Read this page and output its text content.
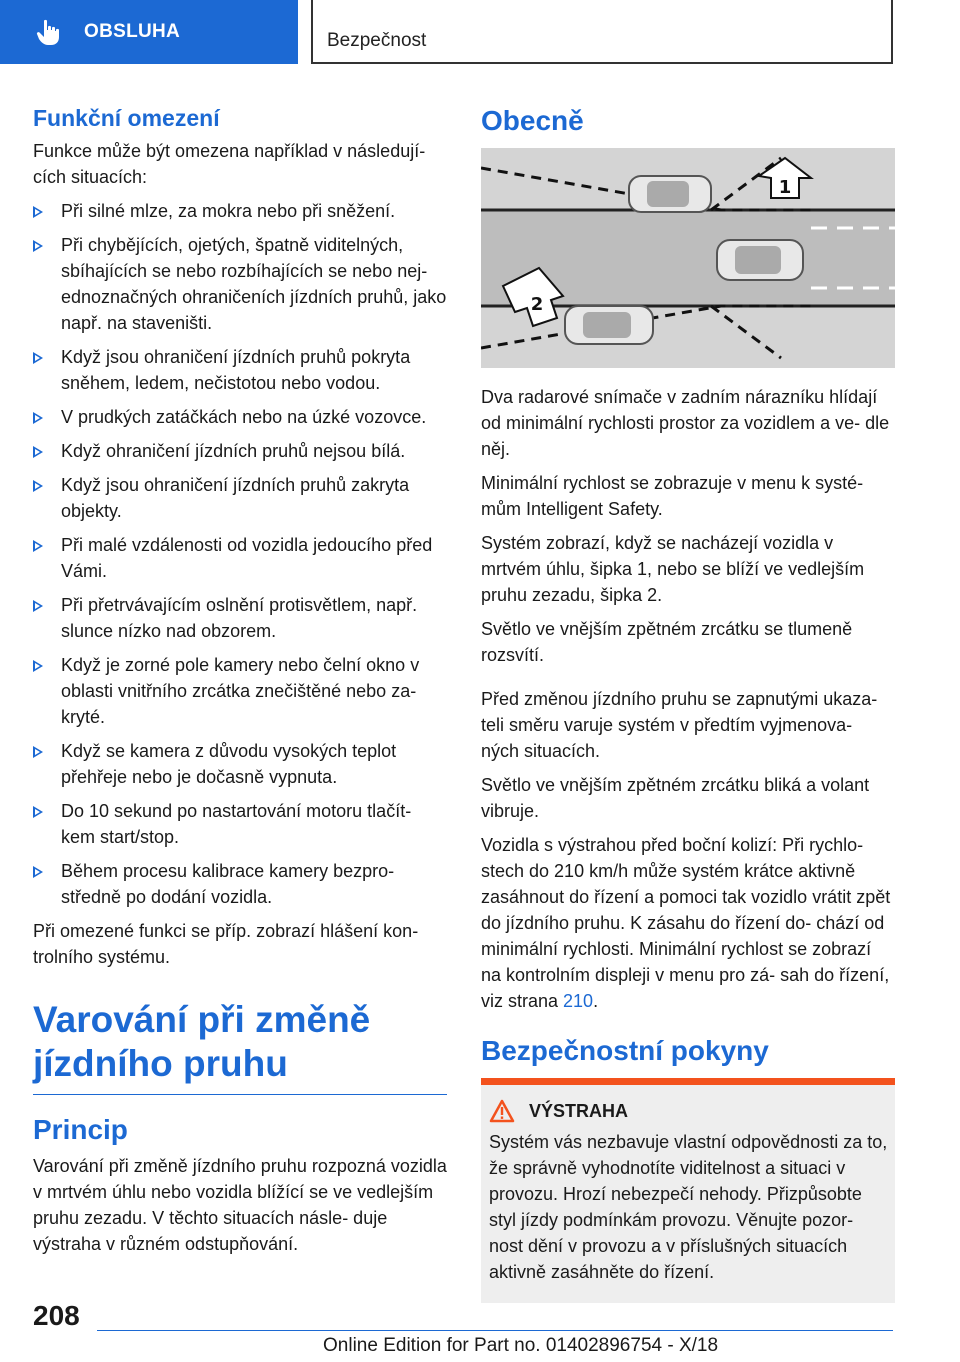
OBSLUHA	Bezpečnost
Funkční omezení

Funkce může být omezena například v následují‐ cích situacích:

Při silné mlze, za mokra nebo při sněžení.
Při chybějících, ojetých, špatně viditelných, sbíhajících se nebo rozbíhajících se nebo nej‐ ednoznačných ohraničeních jízdních pruhů, jako např. na staveništi.
Když jsou ohraničení jízdních pruhů pokryta sněhem, ledem, nečistotou nebo vodou.
V prudkých zatáčkách nebo na úzké vozovce.
Když ohraničení jízdních pruhů nejsou bílá.
Když jsou ohraničení jízdních pruhů zakryta objekty.
Při malé vzdálenosti od vozidla jedoucího před Vámi.
Při přetrvávajícím oslnění protisvětlem, např. slunce nízko nad obzorem.
Když je zorné pole kamery nebo čelní okno v oblasti vnitřního zrcátka znečištěné nebo za‐ kryté.
Když se kamera z důvodu vysokých teplot přehřeje nebo je dočasně vypnuta.
Do 10 sekund po nastartování motoru tlačít‐ kem start/stop.
Během procesu kalibrace kamery bezpro‐ středně po dodání vozidla.

Při omezené funkci se příp. zobrazí hlášení kon‐ trolního systému.

Varování při změně jízdního pruhu
Princip

Varování při změně jízdního pruhu rozpozná vozidla v mrtvém úhlu nebo vozidla blížící se ve vedlejším pruhu zezadu. V těchto situacích násle‐ duje výstraha v různém odstupňování.

Obecně
1
2

Dva radarové snímače v zadním nárazníku hlídají od minimální rychlosti prostor za vozidlem a ve‐ dle něj.

Minimální rychlost se zobrazuje v menu k systé‐ mům Intelligent Safety.

Systém zobrazí, když se nacházejí vozidla v mrtvém úhlu, šipka 1, nebo se blíží ve vedlejším pruhu zezadu, šipka 2.

Světlo ve vnějším zpětném zrcátku se tlumeně rozsvítí.

Před změnou jízdního pruhu se zapnutými ukaza‐ teli směru varuje systém v předtím vyjmenova‐ ných situacích.

Světlo ve vnějším zpětném zrcátku bliká a volant vibruje.

Vozidla s výstrahou před boční kolizí: Při rychlo‐ stech do 210 km/h může systém krátce aktivně zasáhnout do řízení a pomoci tak vozidlo vrátit zpět do jízdního pruhu. K zásahu do řízení do‐ chází od minimální rychlosti. Minimální rychlost se zobrazí na kontrolním displeji v menu pro zá‐ sah do řízení, viz strana 210.

Bezpečnostní pokyny
VÝSTRAHA

Systém vás nezbavuje vlastní odpovědnosti za to, že správně vyhodnotíte viditelnost a situaci v provozu. Hrozí nebezpečí nehody. Přizpůsobte styl jízdy podmínkám provozu. Věnujte pozor‐ nost dění v provozu a v příslušných situacích aktivně zasáhněte do řízení.

208
Online Edition for Part no. 01402896754 - X/18
